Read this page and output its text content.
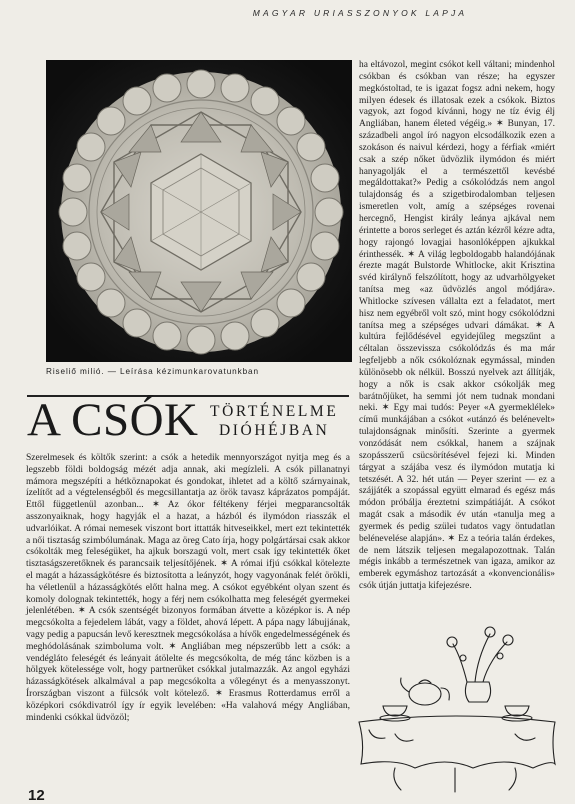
MAGYAR URIASSZONYOK LAPJA
Riseliő milió. — Leírása kézimunkarovatunkban
A CSÓK TÖRTÉNELME
DIÓHÉJBAN

Szerelmesek és költők szerint: a csók a hetedik mennyországot nyitja meg és a legszebb földi boldogság mézét adja annak, aki megízleli. A csók pillanatnyi mámora megszépíti a hétköznapokat és gondokat, ihletet ad a költő szárnyainak, ízelítőt ad a végtelenségből és megcsillantatja az örök tavasz káprázatos pompáját. Ettől függetlenül azonban... ✶ Az ókor féltékeny férjei megparancsolták asszonyaiknak, hogy hagyják el a hazat, a házból és ilymódon riasszák el udvarlóikat. A római nemesek viszont bort ittatták hitveseikkel, mert ezt tekintették a női tisztaság szimbólumának. Maga az öreg Cato írja, hogy polgártársai csak akkor csókolták meg feleségüket, ha ajkuk borszagú volt, mert csak így tekintették őket tisztaságszeretőknek és parancsaik teljesítőjének. ✶ A római ifjú csókkal kötelezte el magát a házasságkötésre és biztosította a leányzót, hogy vagyonának felét örökli, ha véletlenül a házasságkötés előtt halna meg. A csókot egyébként olyan szent és komoly dolognak tekintették, hogy a férj nem csókolhatta meg feleségét gyermekei jelenlétében. ✶ A csók szentségét bizonyos formában átvette a középkor is. A nép megcsókolta a fejedelem lábát, vagy a földet, ahová lépett. A pápa nagy lábujjának, vagy pedig a papucsán levő keresztnek megcsókolása a hívők engedelmességének és meghódolásának szimboluma volt. ✶ Angliában meg népszerűbb lett a csók: a vendégláto feleségét és leányait átölelte és megcsókolta, de még tánc közben is a hölgyek kötelessége volt, hogy partnerüket csókkal jutalmazzák. Az angol egyházi házasságkötések alkalmával a pap megcsókolta a vőlegényt és a menyasszonyt. Írországban viszont a fülcsók volt kötelező. ✶ Erasmus Rotterdamus erről a középkori csókdivatról így ír egyik levelében: «Ha valahová mégy Angliában, mindenki csókkal üdvözöl;

ha eltávozol, megint csókot kell váltani; mindenhol csókban és csókban van része; ha egyszer megkóstoltad, te is igazat fogsz adni nekem, hogy milyen édesek és illatosak ezek a csókok. Biztos vagyok, azt fogod kívánni, hogy ne tíz évig élj Angliában, hanem életed végéig.» ✶ Bunyan, 17. századbeli angol író nagyon elcsodálkozik ezen a szokáson és naivul kérdezi, hogy a férfiak «miért csak a szép nőket üdvözlik ilymódon és miért hanyagolják el a természettől kevésbé megáldottakat?» Pedig a csókolódzás nem angol tulajdonság és a szigetbirodalomban teljesen ismeretlen volt, amíg a szépséges rovenai hercegnő, Hengist király leánya ajkával nem érintette a boros serleget és aztán kézről kézre adta, hogy rajongó lovagjai hasonlóképpen ajkukkal érinthessék. ✶ A világ legboldogabb halandójának érezte magát Bulstorde Whitlocke, akit Krisztina svéd királynő felszólított, hogy az udvarhölgyeket tanítsa meg «az üdvözlés angol módjára». Whitlocke szívesen vállalta ezt a feladatot, mert hisz nem egyébről volt szó, mint hogy csókolódzni tanítsa meg a szépséges udvari dámákat. ✶ A kultúra fejlődésével egyidejűleg megszűnt a céltalan összevissza csókolódzás és ma már legfeljebb a nők csókolóznak egymással, minden különösebb ok nélkül. Bosszú nyelvek azt állítják, hogy a nők is csak akkor csókolják meg barátnőjüket, ha semmi jót nem tudnak mondani neki. ✶ Egy mai tudós: Peyer «A gyermeklélek» című munkájában a csókot «utánzó és belénevelt» tulajdonságnak minősíti. Szerinte a gyermek vonzódását nem csókkal, hanem a szájnak szopásszerű csücsörítésével fejezi ki. Minden tárgyat a szájába vesz és ilymódon mutatja ki tetszését. A 32. hét után — Peyer szerint — ez a szájjáték a szopással együtt elmarad és egész más módon próbálja éreztetni szimpátiáját. A csókot magát csak a második év után «tanulja meg a gyermek és pedig szülei tudatos vagy öntudatlan belénevelése alapján». ✶ Ez a teória talán érdekes, de nem látszik teljesen megalapozottnak. Talán mégis inkább a természetnek van igaza, amikor az emberek egymáshoz tartozását a «konvencionális» csók útján juttatja kifejezésre.

12
